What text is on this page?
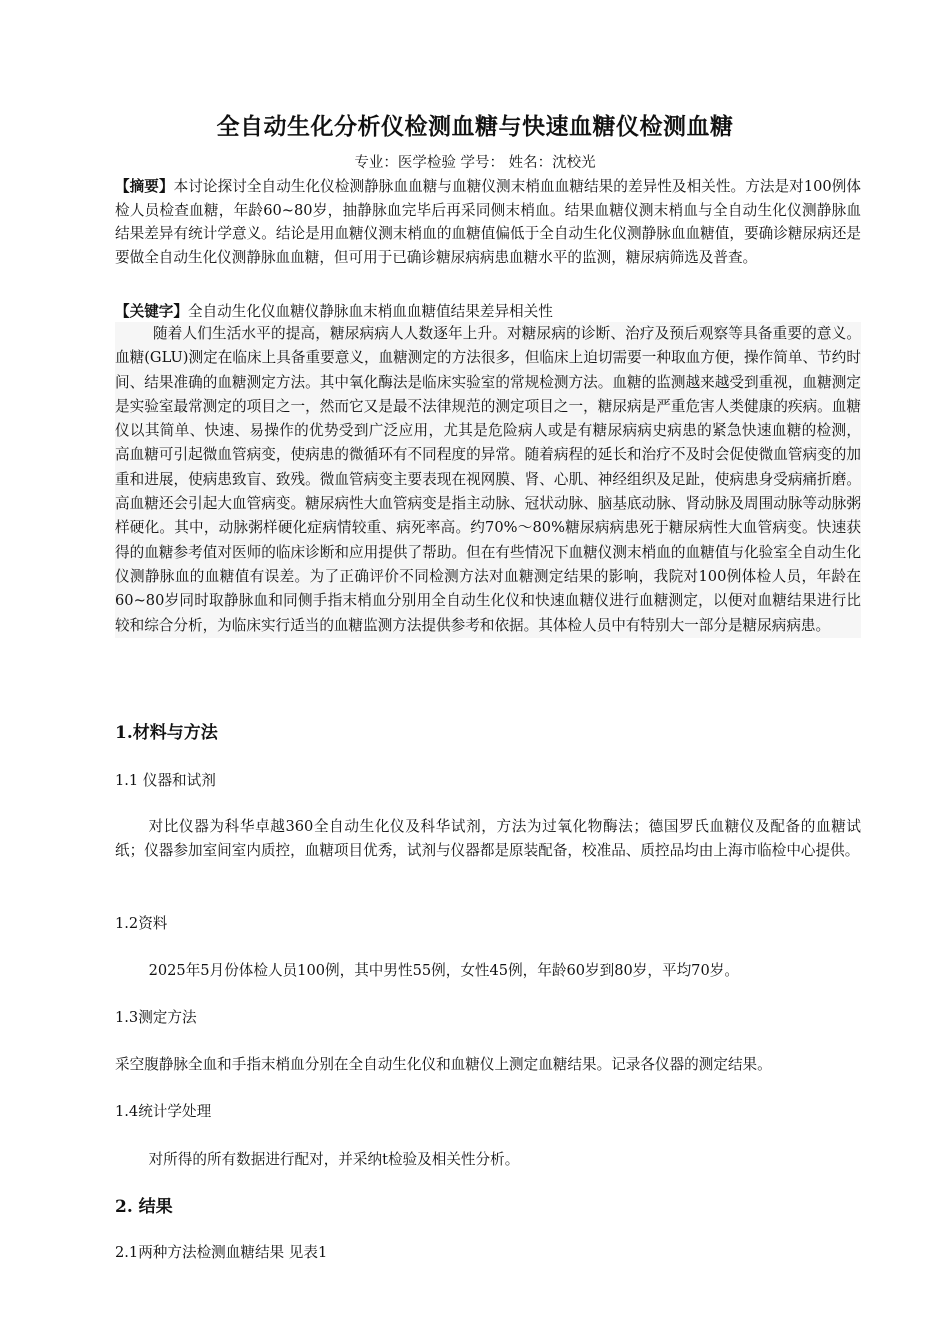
全自动生化分析仪检测血糖与快速血糖仪检测血糖
专业：医学检验 学号： 姓名：沈校光
【摘要】本讨论探讨全自动生化仪检测静脉血血糖与血糖仪测末梢血血糖结果的差异性及相关性。方法是对100例体检人员检查血糖，年龄60~80岁，抽静脉血完毕后再采同侧末梢血。结果血糖仪测末梢血与全自动生化仪测静脉血结果差异有统计学意义。结论是用血糖仪测末梢血的血糖值偏低于全自动生化仪测静脉血血糖值，要确诊糖尿病还是要做全自动生化仪测静脉血血糖，但可用于已确诊糖尿病病患血糖水平的监测，糖尿病筛选及普查。
【关键字】全自动生化仪血糖仪静脉血末梢血血糖值结果差异相关性
随着人们生活水平的提高，糖尿病病人人数逐年上升。对糖尿病的诊断、治疗及预后观察等具备重要的意义。血糖(GLU)测定在临床上具备重要意义，血糖测定的方法很多，但临床上迫切需要一种取血方便，操作简单、节约时间、结果准确的血糖测定方法。其中氧化酶法是临床实验室的常规检测方法。血糖的监测越来越受到重视，血糖测定是实验室最常测定的项目之一，然而它又是最不法律规范的测定项目之一，糖尿病是严重危害人类健康的疾病。血糖仪以其简单、快速、易操作的优势受到广泛应用，尤其是危险病人或是有糖尿病病史病患的紧急快速血糖的检测， 高血糖可引起微血管病变，使病患的微循环有不同程度的异常。随着病程的延长和治疗不及时会促使微血管病变的加重和进展，使病患致盲、致残。微血管病变主要表现在视网膜、肾、心肌、神经组织及足趾，使病患身受病痛折磨。高血糖还会引起大血管病变。糖尿病性大血管病变是指主动脉、冠状动脉、脑基底动脉、肾动脉及周围动脉等动脉粥样硬化。其中，动脉粥样硬化症病情较重、病死率高。约70%～80%糖尿病病患死于糖尿病性大血管病变。快速获得的血糖参考值对医师的临床诊断和应用提供了帮助。但在有些情况下血糖仪测末梢血的血糖值与化验室全自动生化仪测静脉血的血糖值有误差。为了正确评价不同检测方法对血糖测定结果的影响，我院对100例体检人员，年龄在60~80岁同时取静脉血和同侧手指末梢血分别用全自动生化仪和快速血糖仪进行血糖测定，以便对血糖结果进行比较和综合分析，为临床实行适当的血糖监测方法提供参考和依据。其体检人员中有特别大一部分是糖尿病病患。
1.材料与方法
1.1 仪器和试剂
对比仪器为科华卓越360全自动生化仪及科华试剂，方法为过氧化物酶法；德国罗氏血糖仪及配备的血糖试纸；仪器参加室间室内质控，血糖项目优秀，试剂与仪器都是原装配备，校准品、质控品均由上海市临检中心提供。
1.2资料
2025年5月份体检人员100例，其中男性55例，女性45例，年龄60岁到80岁，平均70岁。
1.3测定方法
采空腹静脉全血和手指末梢血分别在全自动生化仪和血糖仪上测定血糖结果。记录各仪器的测定结果。
1.4统计学处理
对所得的所有数据进行配对，并采纳t检验及相关性分析。
2. 结果
2.1两种方法检测血糖结果 见表1
